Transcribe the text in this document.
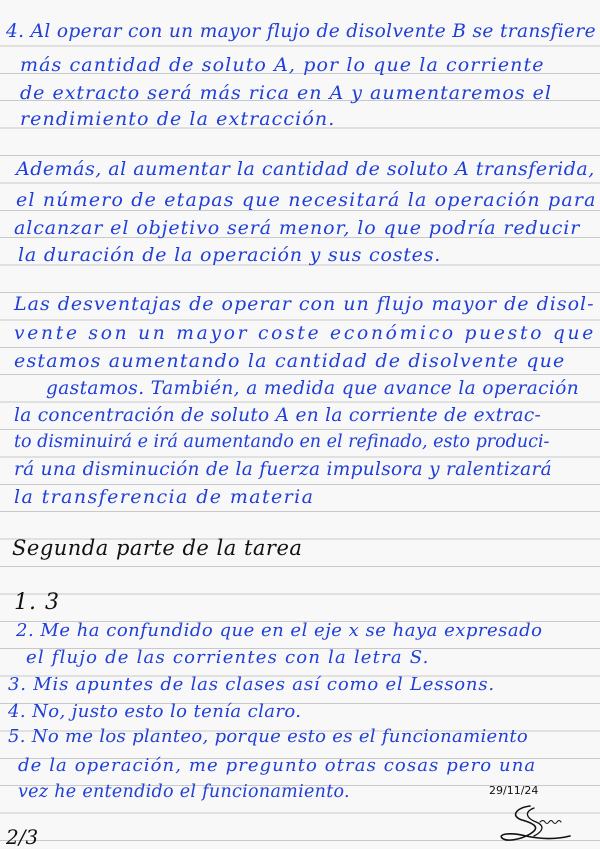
4. Al operar con un mayor flujo de disolvente B se transfiere
más cantidad de soluto A, por lo que la corriente
de extracto será más rica en A y aumentaremos el
rendimiento de la extracción.
Además, al aumentar la cantidad de soluto A transferida,
el número de etapas que necesitará la operación para
alcanzar el objetivo será menor, lo que podría reducir
la duración de la operación y sus costes.
Las desventajas de operar con un flujo mayor de disol-
vente son un mayor coste económico puesto que
estamos aumentando la cantidad de disolvente que
gastamos. También, a medida que avance la operación
la concentración de soluto A en la corriente de extrac-
to disminuirá e irá aumentando en el refinado, esto produci-
rá una disminución de la fuerza impulsora y ralentizará
la transferencia de materia
Segunda parte de la tarea
1. 3
2. Me ha confundido que en el eje x se haya expresado
el flujo de las corrientes con la letra S.
3. Mis apuntes de las clases así como el Lessons.
4. No, justo esto lo tenía claro.
5. No me los planteo, porque esto es el funcionamiento
de la operación, me pregunto otras cosas pero una
vez he entendido el funcionamiento.	29/11/24
2/3
